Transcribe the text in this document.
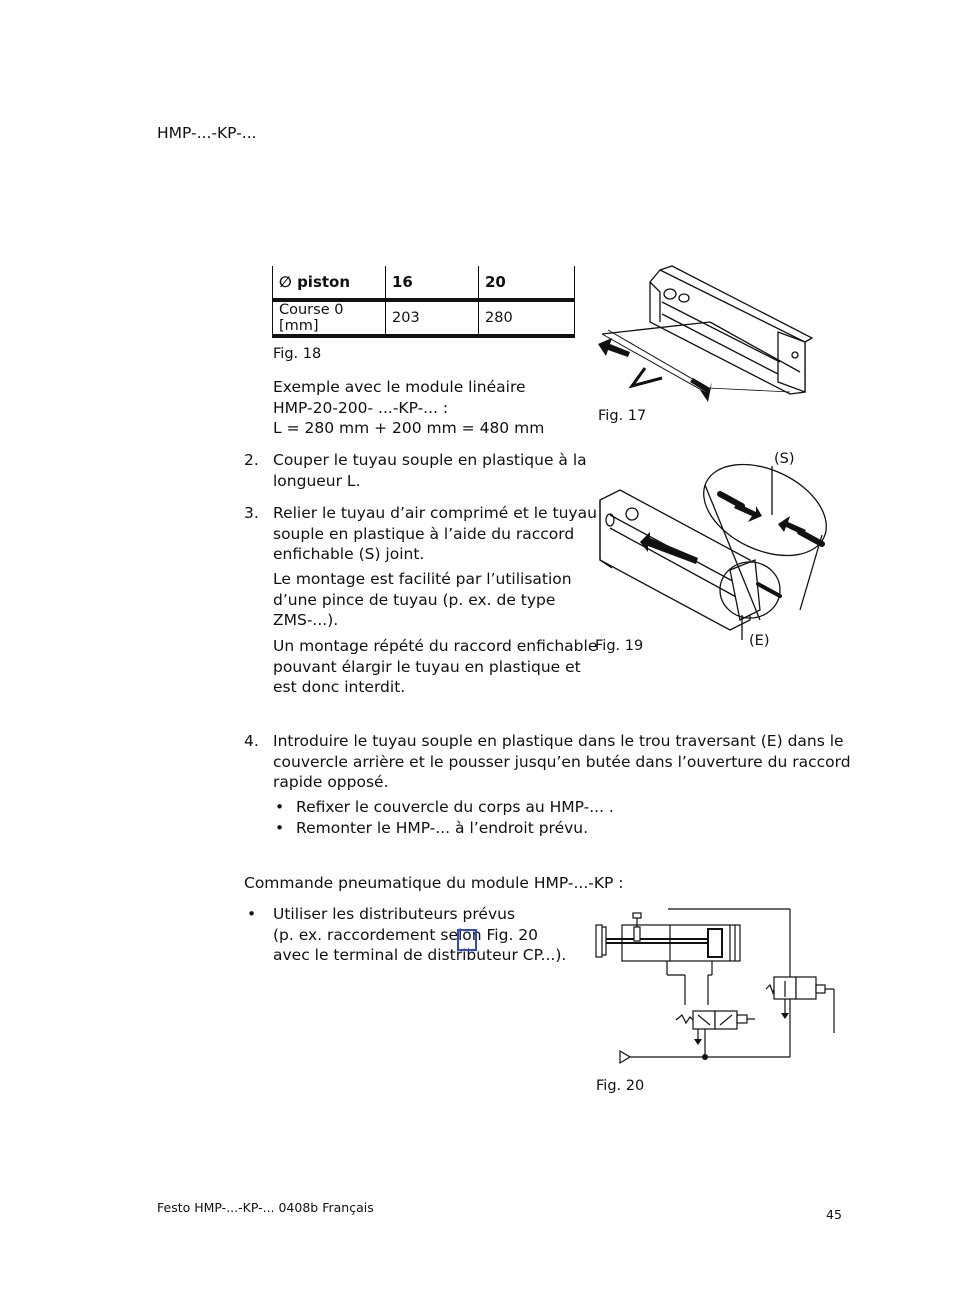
HMP-...-KP-...
∅ piston	16	20
Course 0 [mm]	203	280
Fig. 18
Exemple avec le module linéaire
HMP-20-200- ...-KP-... :
L = 280 mm + 200 mm = 480 mm
2. Couper le tuyau souple en plastique à la
longueur L.
3. Relier le tuyau d’air comprimé et le tuyau
souple en plastique à l’aide du raccord
enfichable (S) joint.
Le montage est facilité par l’utilisation
d’une pince de tuyau (p. ex. de type
ZMS-...).
Un montage répété du raccord enfichable
pouvant élargir le tuyau en plastique et
est donc interdit.
4. Introduire le tuyau souple en plastique dans le trou traversant (E) dans le
couvercle arrière et le pousser jusqu’en butée dans l’ouverture du raccord
rapide opposé.
• Refixer le couvercle du corps au HMP-... .
• Remonter le HMP-... à l’endroit prévu.
Commande pneumatique du module HMP-...-KP :
• Utiliser les distributeurs prévus
(p. ex. raccordement selon Fig. 20
avec le terminal de distributeur CP...).
Fig. 17
(S)
(E)
Fig. 19
Fig. 20
Festo HMP-...-KP-... 0408b Français	45
